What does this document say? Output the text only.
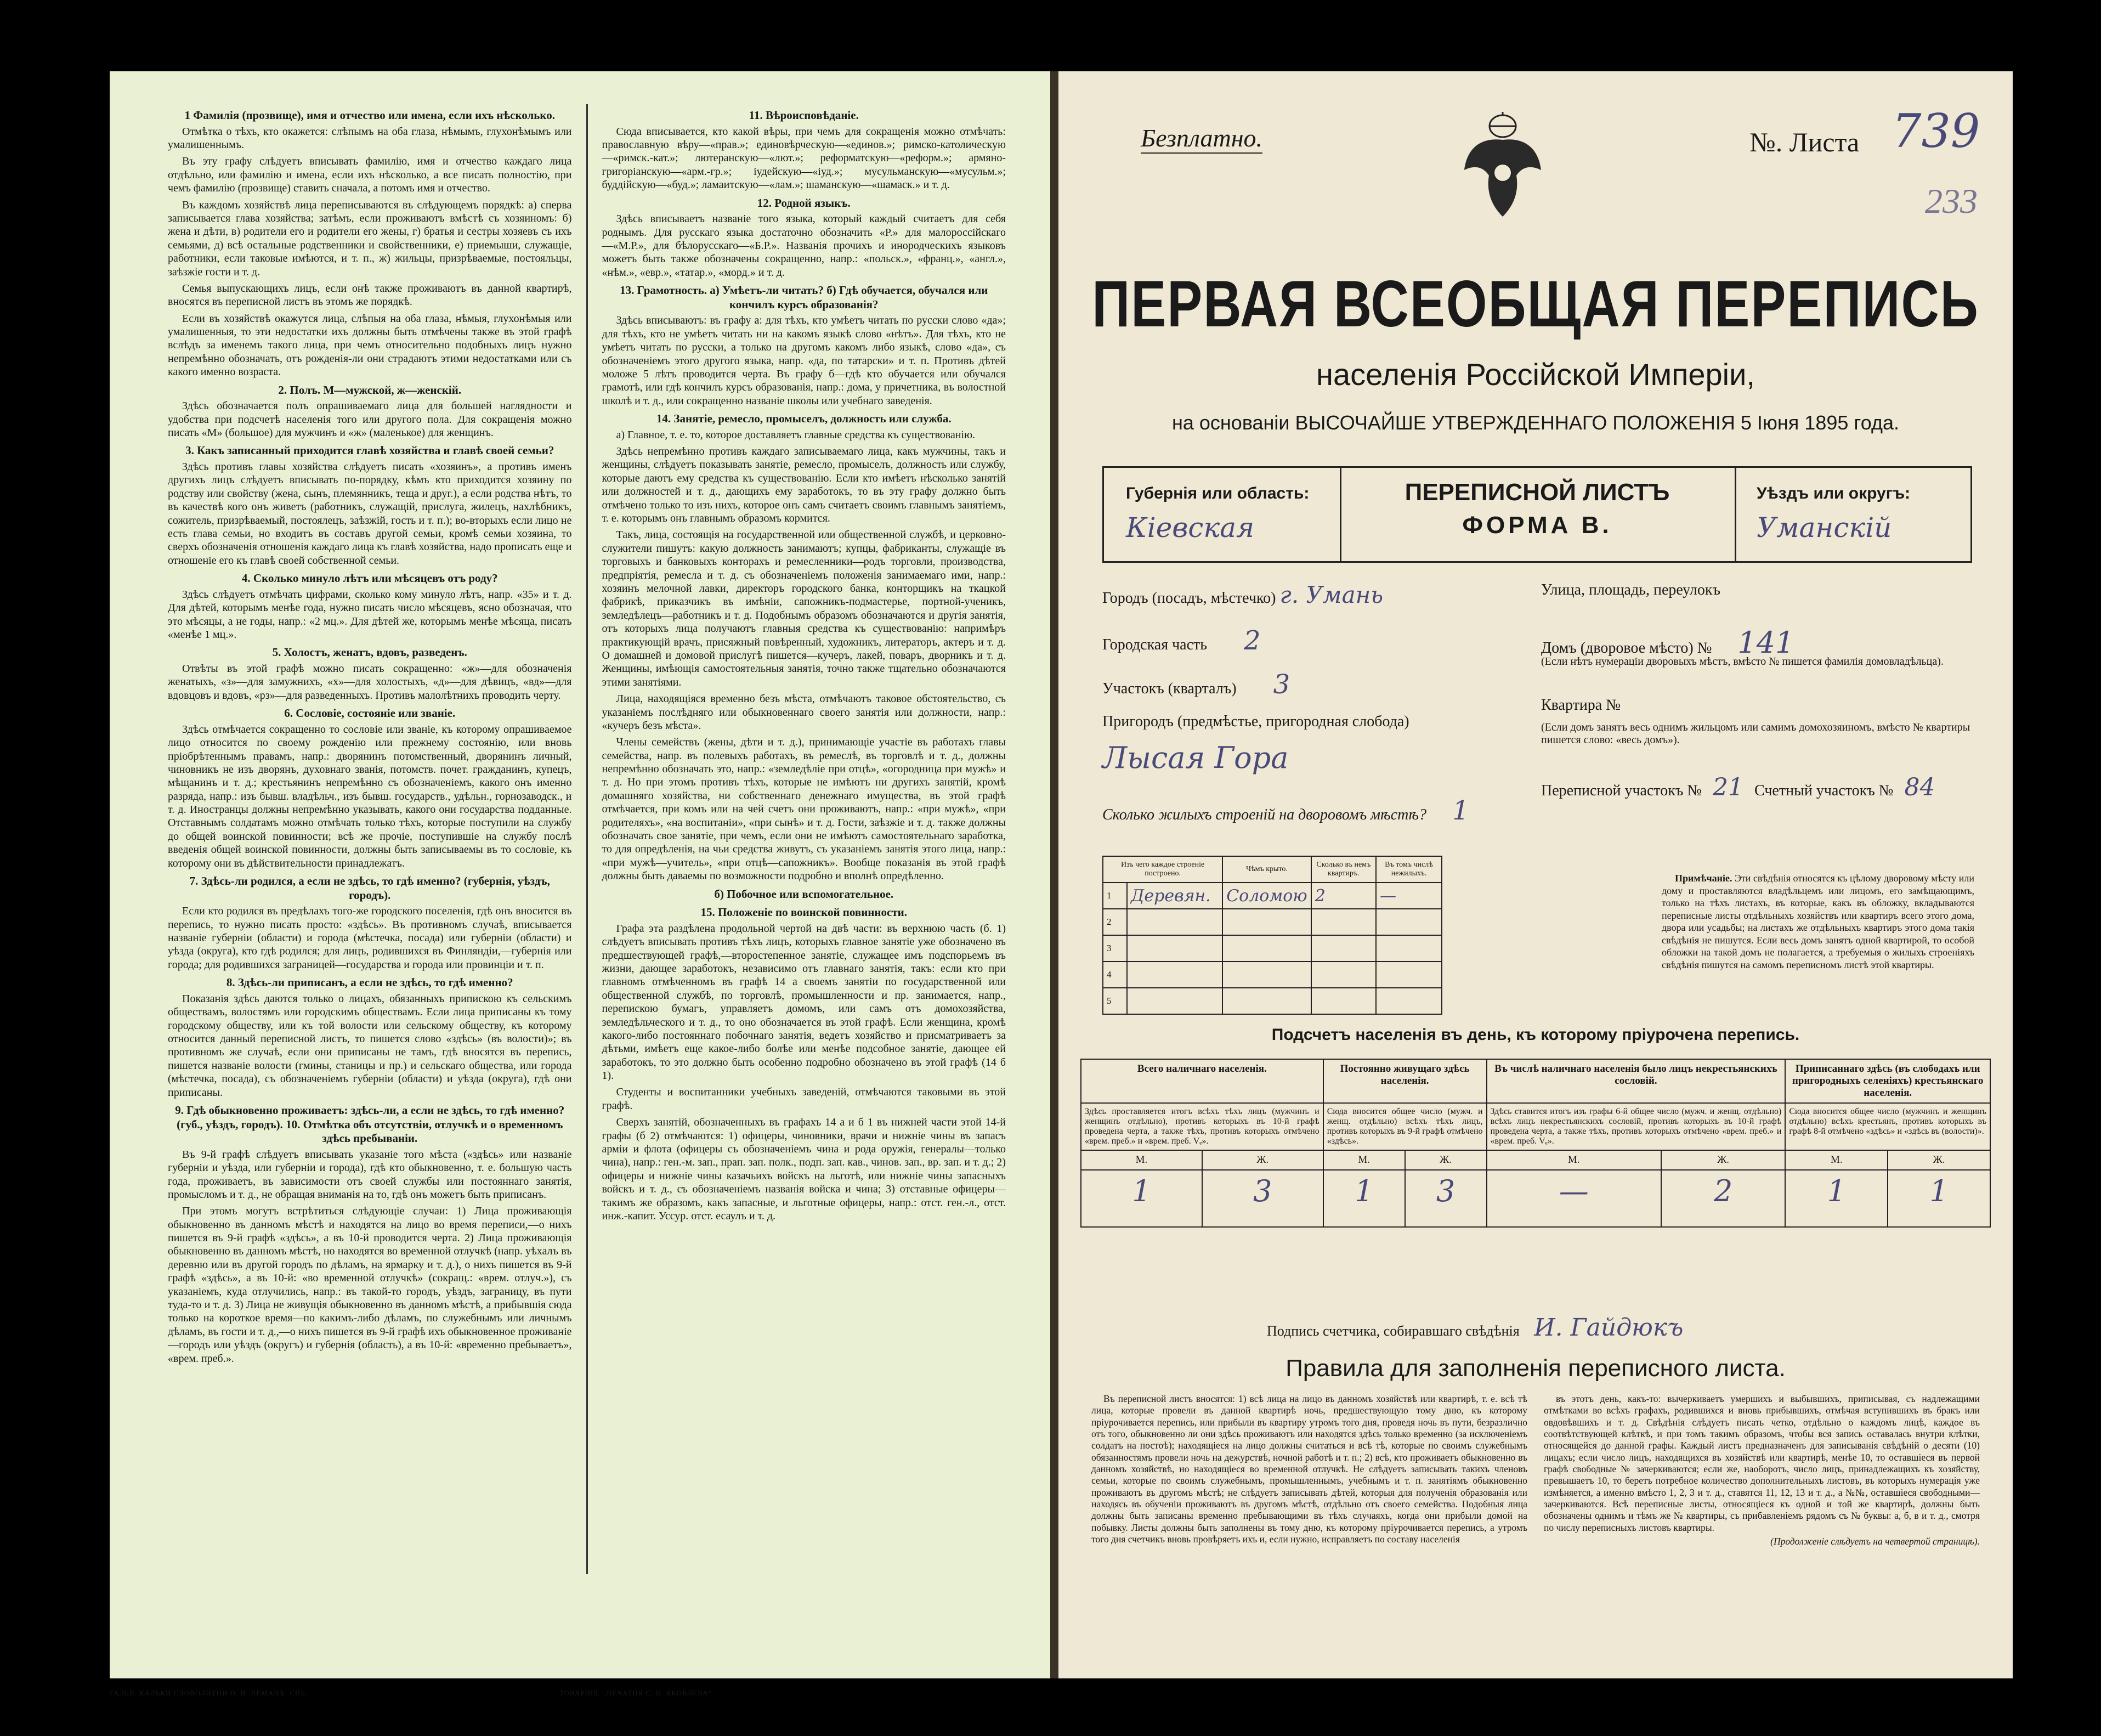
1 Фамилія (прозвище), имя и отчество или имена, если ихъ нѣсколько.

Отмѣтка о тѣхъ, кто окажется: слѣпымъ на оба глаза, нѣмымъ, глухонѣмымъ или умалишеннымъ.

Въ эту графу слѣдуетъ вписывать фамилію, имя и отчество каждаго лица отдѣльно, или фамилію и имена, если ихъ нѣсколько, а все писать полностію, при чемъ фамилію (прозвище) ставить сначала, а потомъ имя и отчество.

Въ каждомъ хозяйствѣ лица переписываются въ слѣдующемъ порядкѣ: а) сперва записывается глава хозяйства; затѣмъ, если проживаютъ вмѣстѣ съ хозяиномъ: б) жена и дѣти, в) родители его и родители его жены, г) братья и сестры хозяевъ съ ихъ семьями, д) всѣ остальные родственники и свойственники, е) приемыши, служащіе, работники, если таковые имѣются, и т. п., ж) жильцы, призрѣваемые, постояльцы, заѣзжіе гости и т. д.

Семья выпускающихъ лицъ, если онѣ также проживаютъ въ данной квартирѣ, вносятся въ переписной листъ въ этомъ же порядкѣ.

Если въ хозяйствѣ окажутся лица, слѣпыя на оба глаза, нѣмыя, глухонѣмыя или умалишенныя, то эти недостатки ихъ должны быть отмѣчены также въ этой графѣ вслѣдъ за именемъ такого лица, при чемъ относительно подобныхъ лицъ нужно непремѣнно обозначать, отъ рожденія-ли они страдаютъ этими недостатками или съ какого именно возраста.

2. Полъ. М—мужской, ж—женскій.

Здѣсь обозначается полъ опрашиваемаго лица для большей наглядности и удобства при подсчетѣ населенія того или другого пола. Для сокращенія можно писать «М» (большое) для мужчинъ и «ж» (маленькое) для женщинъ.

3. Какъ записанный приходится главѣ хозяйства и главѣ своей семьи?

Здѣсь противъ главы хозяйства слѣдуетъ писать «хозяинъ», а противъ именъ другихъ лицъ слѣдуетъ вписывать по-порядку, кѣмъ кто приходится хозяину по родству или свойству (жена, сынъ, племянникъ, теща и друг.), а если родства нѣтъ, то въ качествѣ кого онъ живетъ (работникъ, служащій, прислуга, жилецъ, нахлѣбникъ, сожитель, призрѣваемый, постоялецъ, заѣзжій, гость и т. п.); во-вторыхъ если лицо не есть глава семьи, но входитъ въ составъ другой семьи, кромѣ семьи хозяина, то сверхъ обозначенія отношенія каждаго лица къ главѣ хозяйства, надо прописать еще и отношеніе его къ главѣ своей собственной семьи.

4. Сколько минуло лѣтъ или мѣсяцевъ отъ роду?

Здѣсь слѣдуетъ отмѣчать цифрами, сколько кому минуло лѣтъ, напр. «35» и т. д. Для дѣтей, которымъ менѣе года, нужно писать число мѣсяцевъ, ясно обозначая, что это мѣсяцы, а не годы, напр.: «2 мц.». Для дѣтей же, которымъ менѣе мѣсяца, писать «менѣе 1 мц.».

5. Холостъ, женатъ, вдовъ, разведенъ.

Отвѣты въ этой графѣ можно писать сокращенно: «ж»—для обозначенія женатыхъ, «з»—для замужнихъ, «х»—для холостыхъ, «д»—для дѣвицъ, «вд»—для вдовцовъ и вдовъ, «рз»—для разведенныхъ. Противъ малолѣтнихъ проводить черту.

6. Сословіе, состояніе или званіе.

Здѣсь отмѣчается сокращенно то сословіе или званіе, къ которому опрашиваемое лицо относится по своему рожденію или прежнему состоянію, или вновь пріобрѣтеннымъ правамъ, напр.: дворянинъ потомственный, дворянинъ личный, чиновникъ не изъ дворянъ, духовнаго званія, потомств. почет. гражданинъ, купецъ, мѣщанинъ и т. д.; крестьянинъ непремѣнно съ обозначеніемъ, какого онъ именно разряда, напр.: изъ бывш. владѣльч., изъ бывш. государств., удѣльн., горнозаводск., и т. д. Иностранцы должны непремѣнно указывать, какого они государства подданные. Отставнымъ солдатамъ можно отмѣчать только тѣхъ, которые поступили на службу до общей воинской повинности; всѣ же прочіе, поступившіе на службу послѣ введенія общей воинской повинности, должны быть записываемы въ то сословіе, къ которому они въ дѣйствительности принадлежатъ.

7. Здѣсь-ли родился, а если не здѣсь, то гдѣ именно? (губернія, уѣздъ, городъ).

Если кто родился въ предѣлахъ того-же городского поселенія, гдѣ онъ вносится въ перепись, то нужно писать просто: «здѣсь». Въ противномъ случаѣ, вписывается названіе губерніи (области) и города (мѣстечка, посада) или губерніи (области) и уѣзда (округа), кто гдѣ родился; для лицъ, родившихся въ Финляндіи,—губернія или города; для родившихся заграницей—государства и города или провинціи и т. п.

8. Здѣсь-ли приписанъ, а если не здѣсь, то гдѣ именно?

Показанія здѣсь даются только о лицахъ, обязанныхъ припискою къ сельскимъ обществамъ, волостямъ или городскимъ обществамъ. Если лица приписаны къ тому городскому обществу, или къ той волости или сельскому обществу, къ которому относится данный переписной листъ, то пишется слово «здѣсь» (въ волости)»; въ противномъ же случаѣ, если они приписаны не тамъ, гдѣ вносятся въ перепись, пишется названіе волости (гмины, станицы и пр.) и сельскаго общества, или города (мѣстечка, посада), съ обозначеніемъ губерніи (области) и уѣзда (округа), гдѣ они приписаны.

9. Гдѣ обыкновенно проживаетъ: здѣсь-ли, а если не здѣсь, то гдѣ именно? (губ., уѣздъ, городъ). 10. Отмѣтка объ отсутствіи, отлучкѣ и о временномъ здѣсь пребываніи.

Въ 9-й графѣ слѣдуетъ вписывать указаніе того мѣста («здѣсь» или названіе губерніи и уѣзда, или губерніи и города), гдѣ кто обыкновенно, т. е. большую часть года, проживаетъ, въ зависимости отъ своей службы или постояннаго занятія, промысломъ и т. д., не обращая вниманія на то, гдѣ онъ можетъ быть приписанъ.

При этомъ могутъ встрѣтиться слѣдующіе случаи: 1) Лица проживающія обыкновенно въ данномъ мѣстѣ и находятся на лицо во время переписи,—о нихъ пишется въ 9-й графѣ «здѣсь», а въ 10-й проводится черта. 2) Лица проживающія обыкновенно въ данномъ мѣстѣ, но находятся во временной отлучкѣ (напр. уѣхалъ въ деревню или въ другой городъ по дѣламъ, на ярмарку и т. д.), о нихъ пишется въ 9-й графѣ «здѣсь», а въ 10-й: «во временной отлучкѣ» (сокращ.: «врем. отлуч.»), съ указаніемъ, куда отлучились, напр.: въ такой-то городъ, уѣздъ, заграницу, въ пути туда-то и т. д. 3) Лица не живущія обыкновенно въ данномъ мѣстѣ, а прибывшія сюда только на короткое время—по какимъ-либо дѣламъ, по служебнымъ или личнымъ дѣламъ, въ гости и т. д.,—о нихъ пишется въ 9-й графѣ ихъ обыкновенное проживаніе—городъ или уѣздъ (округъ) и губернія (область), а въ 10-й: «временно пребываетъ», «врем. преб.».

11. Вѣроисповѣданіе.

Сюда вписывается, кто какой вѣры, при чемъ для сокращенія можно отмѣчать: православную вѣру—«прав.»; единовѣрческую—«единов.»; римско-католическую—«римск.-кат.»; лютеранскую—«лют.»; реформатскую—«реформ.»; армяно-григоріанскую—«арм.-гр.»; іудейскую—«іуд.»; мусульманскую—«мусульм.»; буддійскую—«буд.»; ламаитскую—«лам.»; шаманскую—«шамаск.» и т. д.

12. Родной языкъ.

Здѣсь вписываетъ названіе того языка, который каждый считаетъ для себя роднымъ. Для русскаго языка достаточно обозначить «Р.» для малороссійскаго—«М.Р.», для бѣлорусскаго—«Б.Р.». Названія прочихъ и инородческихъ языковъ можетъ быть также обозначены сокращенно, напр.: «польск.», «франц.», «англ.», «нѣм.», «евр.», «татар.», «морд.» и т. д.

13. Грамотность. а) Умѣетъ-ли читать? б) Гдѣ обучается, обучался или кончилъ курсъ образованія?

Здѣсь вписываютъ: въ графу а: для тѣхъ, кто умѣетъ читать по русски слово «да»; для тѣхъ, кто не умѣетъ читать ни на какомъ языкѣ слово «нѣтъ». Для тѣхъ, кто не умѣетъ читать по русски, а только на другомъ какомъ либо языкѣ, слово «да», съ обозначеніемъ этого другого языка, напр. «да, по татарски» и т. п. Противъ дѣтей моложе 5 лѣтъ проводится черта. Въ графу б—гдѣ кто обучается или обучался грамотѣ, или гдѣ кончилъ курсъ образованія, напр.: дома, у причетника, въ волостной школѣ и т. д., или сокращенно названіе школы или учебнаго заведенія.

14. Занятіе, ремесло, промыселъ, должность или служба.

а) Главное, т. е. то, которое доставляетъ главные средства къ существованію.

Здѣсь непремѣнно противъ каждаго записываемаго лица, какъ мужчины, такъ и женщины, слѣдуетъ показывать занятіе, ремесло, промыселъ, должность или службу, которые даютъ ему средства къ существованію. Если кто имѣетъ нѣсколько занятій или должностей и т. д., дающихъ ему заработокъ, то въ эту графу должно быть отмѣчено только то изъ нихъ, которое онъ самъ считаетъ своимъ главнымъ занятіемъ, т. е. которымъ онъ главнымъ образомъ кормится.

Такъ, лица, состоящія на государственной или общественной службѣ, и церковно-служители пишутъ: какую должность занимаютъ; купцы, фабриканты, служащіе въ торговыхъ и банковыхъ конторахъ и ремесленники—родъ торговли, производства, предпріятія, ремесла и т. д. съ обозначеніемъ положенія занимаемаго ими, напр.: хозяинъ мелочной лавки, директоръ городского банка, конторщикъ на ткацкой фабрикѣ, приказчикъ въ имѣніи, сапожникъ-подмастерье, портной-ученикъ, земледѣлецъ—работникъ и т. д. Подобнымъ образомъ обозначаются и другія занятія, отъ которыхъ лица получаютъ главныя средства къ существованію: напримѣръ практикующій врачъ, присяжный повѣренный, художникъ, литераторъ, актеръ и т. д. О домашней и домовой прислугѣ пишется—кучеръ, лакей, поваръ, дворникъ и т. д. Женщины, имѣющія самостоятельныя занятія, точно также тщательно обозначаются этими занятіями.

Лица, находящіяся временно безъ мѣста, отмѣчаютъ таковое обстоятельство, съ указаніемъ послѣдняго или обыкновеннаго своего занятія или должности, напр.: «кучеръ безъ мѣста».

Члены семействъ (жены, дѣти и т. д.), принимающіе участіе въ работахъ главы семейства, напр. въ полевыхъ работахъ, въ ремеслѣ, въ торговлѣ и т. д., должны непремѣнно обозначать это, напр.: «земледѣліе при отцѣ», «огородница при мужѣ» и т. д. Но при этомъ противъ тѣхъ, которые не имѣютъ ни другихъ занятій, кромѣ домашняго хозяйства, ни собственнаго денежнаго имущества, въ этой графѣ отмѣчается, при комъ или на чей счетъ они проживаютъ, напр.: «при мужѣ», «при родителяхъ», «на воспитаніи», «при сынѣ» и т. д. Гости, заѣзжіе и т. д. также должны обозначать свое занятіе, при чемъ, если они не имѣютъ самостоятельнаго заработка, то для опредѣленія, на чьи средства живутъ, съ указаніемъ занятія этого лица, напр.: «при мужѣ—учитель», «при отцѣ—сапожникъ». Вообще показанія въ этой графѣ должны быть даваемы по возможности подробно и вполнѣ опредѣленно.

б) Побочное или вспомогательное.
15. Положеніе по воинской повинности.

Графа эта раздѣлена продольной чертой на двѣ части: въ верхнюю часть (б. 1) слѣдуетъ вписывать противъ тѣхъ лицъ, которыхъ главное занятіе уже обозначено въ предшествующей графѣ,—второстепенное занятіе, служащее имъ подспорьемъ въ жизни, дающее заработокъ, независимо отъ главнаго занятія, такъ: если кто при главномъ отмѣченномъ въ графѣ 14 а своемъ занятіи по государственной или общественной службѣ, по торговлѣ, промышленности и пр. занимается, напр., перепискою бумагъ, управляетъ домомъ, или самъ отъ домохозяйства, земледѣльческого и т. д., то оно обозначается въ этой графѣ. Если женщина, кромѣ какого-либо постояннаго побочнаго занятія, ведетъ хозяйство и присматриваетъ за дѣтьми, имѣетъ еще какое-либо болѣе или менѣе подсобное занятіе, дающее ей заработокъ, то это должно быть особенно подробно обозначено въ этой графѣ (14 б 1).

Студенты и воспитанники учебныхъ заведеній, отмѣчаются таковыми въ этой графѣ.

Сверхъ занятій, обозначенныхъ въ графахъ 14 а и б 1 въ нижней части этой 14-й графы (б 2) отмѣчаются: 1) офицеры, чиновники, врачи и нижніе чины въ запасъ арміи и флота (офицеры съ обозначеніемъ чина и рода оружія, генералы—только чина), напр.: ген.-м. зап., прап. зап. полк., подп. зап. кав., чинов. зап., вр. зап. и т. д.; 2) офицеры и нижніе чины казачьихъ войскъ на льготѣ, или нижніе чины запасныхъ войскъ и т. д., съ обозначеніемъ названія войска и чина; 3) отставные офицеры—такимъ же образомъ, какъ запасные, и льготные офицеры, напр.: отст. ген.-л., отст. инж.-капит. Уссур. отст. есаулъ и т. д.

ГАЛЬВ. КАЛЬКИ СЛОВОЛИТНИ О. И. ЛЕМАНЪ, СПБ.	ТОВАРИЩ. „ПЕЧАТНЯ С. П. ЯКОВЛЕВА“.
Безплатно.	№. Листа 739
233
ПЕРВАЯ ВСЕОБЩАЯ ПЕРЕПИСЬ
населенія Россійской Имперіи,
на основаніи ВЫСОЧАЙШЕ УТВЕРЖДЕННАГО ПОЛОЖЕНІЯ 5 Іюня 1895 года.
Губернія или область:
Кіевская
ПЕРЕПИСНОЙ ЛИСТЪ
ФОРМА В.
Уѣздъ или округъ:
Уманскій
Городъ (посадъ, мѣстечко) г. Умань
Городская часть 2
Участокъ (кварталъ) 3
Пригородъ (предмѣстье, пригородная слобода)
Лысая Гора
Сколько жилыхъ строеній на дворовомъ мѣстѣ? 1
Улица, площадь, переулокъ
Домъ (дворовое мѣсто) № 141
(Если нѣтъ нумераціи дворовыхъ мѣстъ, вмѣсто № пишется фамилія домовладѣльца).
Квартира №
(Если домъ занятъ весь однимъ жильцомъ или самимъ домохозяиномъ, вмѣсто № квартиры пишется слово: «весь домъ»).
Переписной участокъ № 21 Счетный участокъ № 84
Изъ чего каждое строеніе построено.		Чѣмъ крыто.	Сколько въ немъ квартиръ.	Въ томъ числѣ нежилыхъ.
1	Деревян.	Соломою	2	—
2				
3				
4				
5				
Примѣчаніе. Эти свѣдѣнія относятся къ цѣлому дворовому мѣсту или дому и проставляются владѣльцемъ или лицомъ, его замѣщающимъ, только на тѣхъ листахъ, въ которые, какъ въ обложку, вкладываются переписные листы отдѣльныхъ хозяйствъ или квартиръ всего этого дома, двора или усадьбы; на листахъ же отдѣльныхъ квартиръ этого дома такія свѣдѣнія не пишутся. Если весь домъ занятъ одной квартирой, то особой обложки на такой домъ не полагается, а требуемыя о жилыхъ строеніяхъ свѣдѣнія пишутся на самомъ переписномъ листѣ этой квартиры.
Подсчетъ населенія въ день, къ которому пріурочена перепись.
Всего наличнаго населенія.		Постоянно живущаго здѣсь населенія.		Въ числѣ наличнаго населенія было лицъ некрестьянскихъ сословій.		Приписаннаго здѣсь (въ слободахъ или пригородныхъ селеніяхъ) крестьянскаго населенія.	
Здѣсь проставляется итогъ всѣхъ тѣхъ лицъ (мужчинъ и женщинъ отдѣльно), противъ которыхъ въ 10-й графѣ проведена черта, а также тѣхъ, противъ которыхъ отмѣчено «врем. преб.» и «врем. преб. Vₑ».		Сюда вносится общее число (мужч. и женщ. отдѣльно) всѣхъ тѣхъ лицъ, противъ которыхъ въ 9-й графѣ отмѣчено «здѣсь».		Здѣсь ставится итогъ изъ графы 6-й общее число (мужч. и женщ. отдѣльно) всѣхъ лицъ некрестьянскихъ сословій, противъ которыхъ въ 10-й графѣ проведена черта, а также тѣхъ, противъ которыхъ отмѣчено «врем. преб.» и «врем. преб. Vₑ».		Сюда вносится общее число (мужчинъ и женщинъ отдѣльно) всѣхъ крестьянъ, противъ которыхъ въ графѣ 8-й отмѣчено «здѣсь» и «здѣсь въ (волости)».	
М.	Ж.	М.	Ж.	М.	Ж.	М.	Ж.
1	3	1	3	—	2	1	1
Подпись счетчика, собиравшаго свѣдѣнія И. Гайдюкъ
Правила для заполненія переписного листа.

Въ переписной листъ вносятся: 1) всѣ лица на лицо въ данномъ хозяйствѣ или квартирѣ, т. е. всѣ тѣ лица, которые провели въ данной квартирѣ ночь, предшествующую тому дню, къ которому пріурочивается перепись, или прибыли въ квартиру утромъ того дня, проведя ночь въ пути, безразлично отъ того, обыкновенно ли они здѣсь проживаютъ или находятся здѣсь только временно (за исключеніемъ солдатъ на постоѣ); находящіеся на лицо должны считаться и всѣ тѣ, которые по своимъ служебнымъ обязанностямъ провели ночь на дежурствѣ, ночной работѣ и т. п.; 2) всѣ, кто проживаетъ обыкновенно въ данномъ хозяйствѣ, но находящіеся во временной отлучкѣ. Не слѣдуетъ записывать такихъ членовъ семьи, которые по своимъ служебнымъ, промышленнымъ, учебнымъ и т. п. занятіямъ обыкновенно проживаютъ въ другомъ мѣстѣ; не слѣдуетъ записывать дѣтей, которыя для полученія образованія или находясь въ обученіи проживаютъ въ другомъ мѣстѣ, отдѣльно отъ своего семейства. Подобныя лица должны быть записаны временно пребывающими въ тѣхъ случаяхъ, когда они прибыли домой на побывку. Листы должны быть заполнены въ тому дню, къ которому пріурочивается перепись, а утромъ того дня счетчикъ вновь провѣряетъ ихъ и, если нужно, исправляетъ по составу населенія

въ этотъ день, какъ-то: вычеркиваетъ умершихъ и выбывшихъ, приписывая, съ надлежащими отмѣтками во всѣхъ графахъ, родившихся и вновь прибывшихъ, отмѣчая вступившихъ въ бракъ или овдовѣвшихъ и т. д. Свѣдѣнія слѣдуетъ писать четко, отдѣльно о каждомъ лицѣ, каждое въ соотвѣтствующей клѣткѣ, и при томъ такимъ образомъ, чтобы вся запись оставалась внутри клѣтки, относящейся до данной графы. Каждый листъ предназначенъ для записыванія свѣдѣній о десяти (10) лицахъ; если число лицъ, находящихся въ хозяйствѣ или квартирѣ, менѣе 10, то оставшіеся въ первой графѣ свободные № зачеркиваются; если же, наоборотъ, число лицъ, принадлежащихъ къ хозяйству, превышаетъ 10, то беретъ потребное количество дополнительныхъ листовъ, въ которыхъ нумерація уже измѣняется, а именно вмѣсто 1, 2, 3 и т. д., ставятся 11, 12, 13 и т. д., а №№, оставшіеся свободными—зачеркиваются. Всѣ переписные листы, относящіеся къ одной и той же квартирѣ, должны быть обозначены однимъ и тѣмъ же № квартиры, съ прибавленіемъ рядомъ съ № буквы: а, б, в и т. д., смотря по числу переписныхъ листовъ квартиры.

(Продолженіе слѣдуетъ на четвертой страницѣ).
